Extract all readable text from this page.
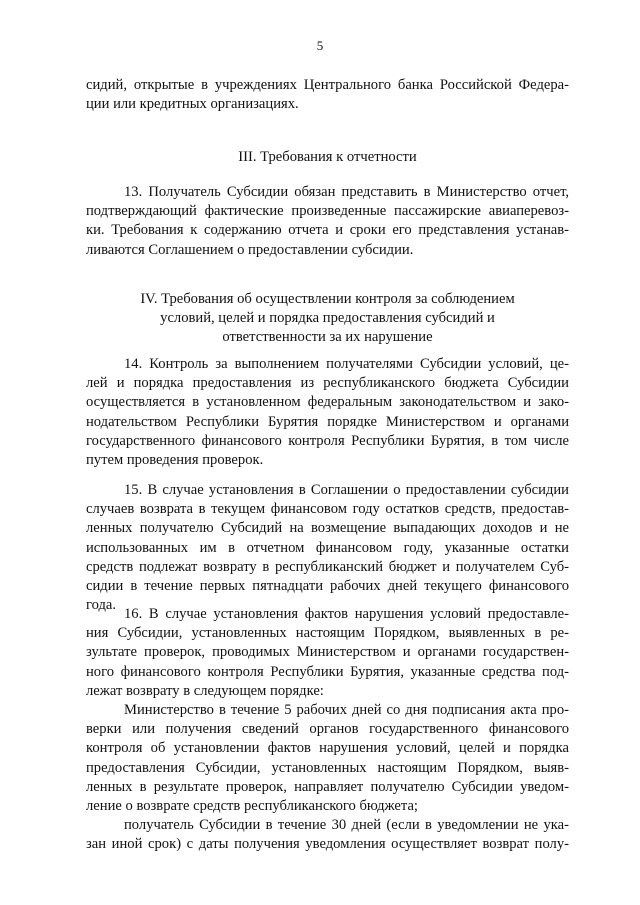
5
сидий, открытые в учреждениях Центрального банка Российской Федера-
ции или кредитных организациях.
III. Требования к отчетности
13. Получатель Субсидии обязан представить в Министерство отчет,
подтверждающий фактические произведенные пассажирские авиаперевоз-
ки. Требования к содержанию отчета и сроки его представления устанав-
ливаются Соглашением о предоставлении субсидии.
IV. Требования об осуществлении контроля за соблюдением
условий, целей и порядка предоставления субсидий и
ответственности за их нарушение
14. Контроль за выполнением получателями Субсидии условий, це-
лей и порядка предоставления из республиканского бюджета Субсидии
осуществляется в установленном федеральным законодательством и зако-
нодательством Республики Бурятия порядке Министерством и органами
государственного финансового контроля Республики Бурятия, в том числе
путем проведения проверок.
15. В случае установления в Соглашении о предоставлении субсидии
случаев возврата в текущем финансовом году остатков средств, предостав-
ленных получателю Субсидий на возмещение выпадающих доходов и не
использованных им в отчетном финансовом году, указанные остатки
средств подлежат возврату в республиканский бюджет и получателем Суб-
сидии в течение первых пятнадцати рабочих дней текущего финансового
года.
16. В случае установления фактов нарушения условий предоставле-
ния Субсидии, установленных настоящим Порядком, выявленных в ре-
зультате проверок, проводимых Министерством и органами государствен-
ного финансового контроля Республики Бурятия, указанные средства под-
лежат возврату в следующем порядке:
Министерство в течение 5 рабочих дней со дня подписания акта про-
верки или получения сведений органов государственного финансового
контроля об установлении фактов нарушения условий, целей и порядка
предоставления Субсидии, установленных настоящим Порядком, выяв-
ленных в результате проверок, направляет получателю Субсидии уведом-
ление о возврате средств республиканского бюджета;
получатель Субсидии в течение 30 дней (если в уведомлении не ука-
зан иной срок) с даты получения уведомления осуществляет возврат полу-
